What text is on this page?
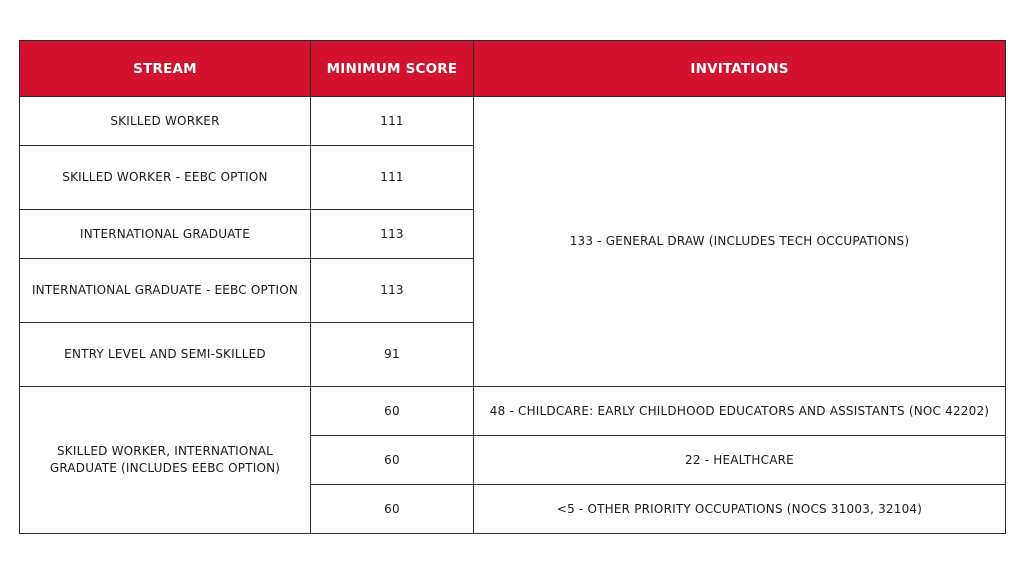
STREAM	MINIMUM SCORE	INVITATIONS
SKILLED WORKER	111	133 - GENERAL DRAW (INCLUDES TECH OCCUPATIONS)
SKILLED WORKER - EEBC OPTION	111	
INTERNATIONAL GRADUATE	113	
INTERNATIONAL GRADUATE - EEBC OPTION	113	
ENTRY LEVEL AND SEMI-SKILLED	91	
SKILLED WORKER, INTERNATIONAL GRADUATE (INCLUDES EEBC OPTION)	60	48 - CHILDCARE: EARLY CHILDHOOD EDUCATORS AND ASSISTANTS (NOC 42202)
	60	22 - HEALTHCARE
	60	<5 - OTHER PRIORITY OCCUPATIONS (NOCS 31003, 32104)
